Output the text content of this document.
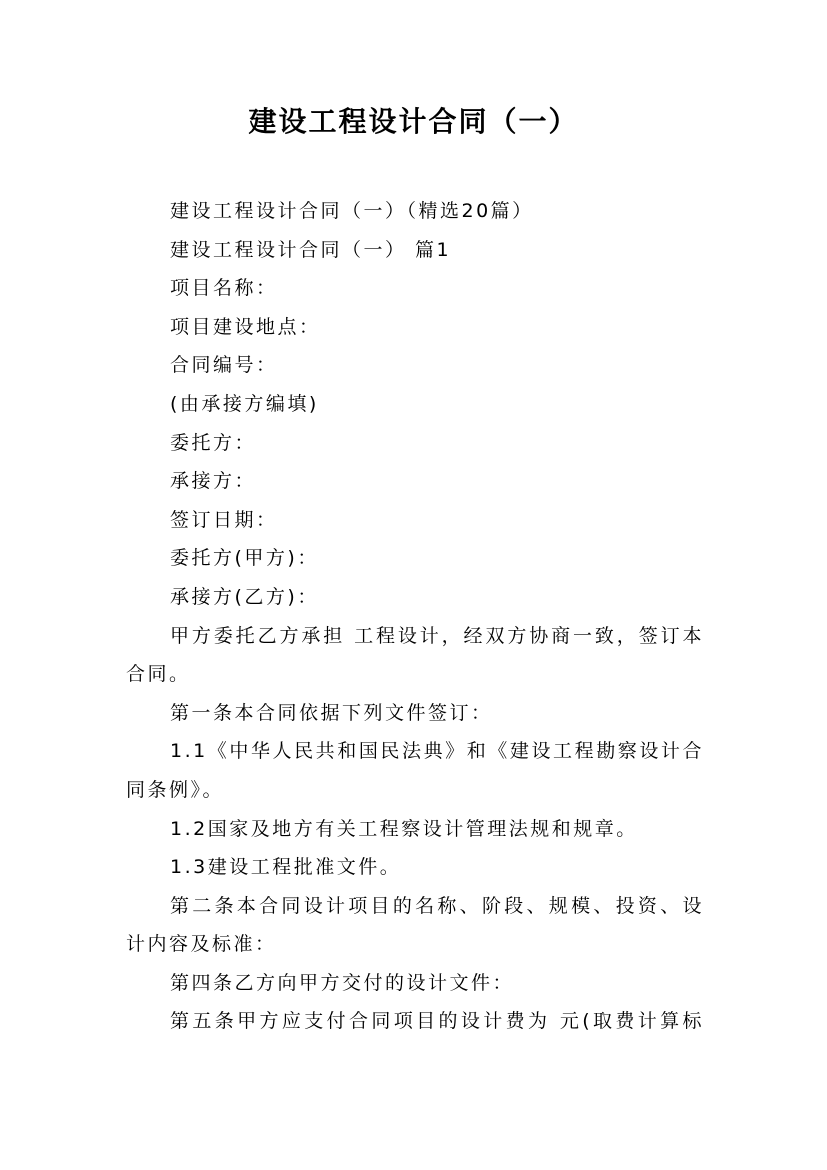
建设工程设计合同（一）

建设工程设计合同（一）（精选20篇）

建设工程设计合同（一） 篇1

项目名称：

项目建设地点：

合同编号：

(由承接方编填)

委托方：

承接方：

签订日期：

委托方(甲方)：

承接方(乙方)：

甲方委托乙方承担 工程设计，经双方协商一致，签订本合同。

第一条本合同依据下列文件签订：

1.1《中华人民共和国民法典》和《建设工程勘察设计合同条例》。

1.2国家及地方有关工程察设计管理法规和规章。

1.3建设工程批准文件。

第二条本合同设计项目的名称、阶段、规模、投资、设计内容及标准：

第四条乙方向甲方交付的设计文件：

第五条甲方应支付合同项目的设计费为 元(取费计算标
